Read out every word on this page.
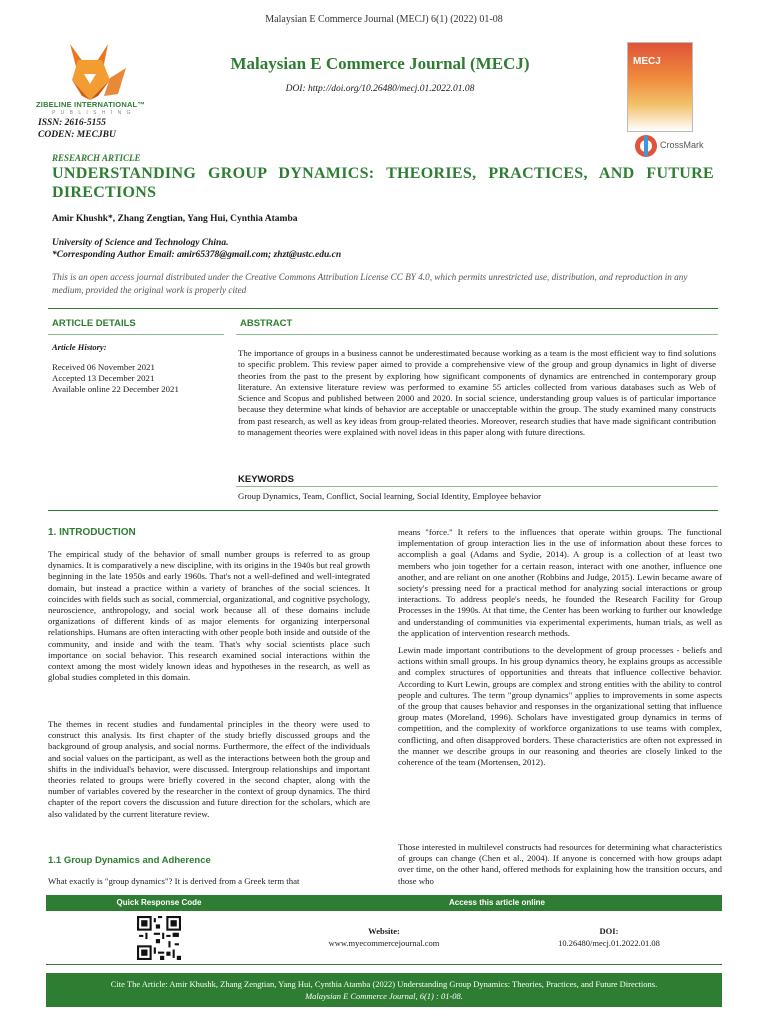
Malaysian E Commerce Journal (MECJ) 6(1) (2022) 01-08
ZIBELINE INTERNATIONAL™
P U B L I S H I N G
ISSN: 2616-5155
CODEN: MECJBU
Malaysian E Commerce Journal (MECJ)
DOI: http://doi.org/10.26480/mecj.01.2022.01.08
MECJ
CrossMark
RESEARCH ARTICLE
UNDERSTANDING GROUP DYNAMICS: THEORIES, PRACTICES, AND FUTURE DIRECTIONS
Amir Khushk*, Zhang Zengtian, Yang Hui, Cynthia Atamba
University of Science and Technology China.
*Corresponding Author Email: amir65378@gmail.com; zhzt@ustc.edu.cn
This is an open access journal distributed under the Creative Commons Attribution License CC BY 4.0, which permits unrestricted use, distribution, and reproduction in any medium, provided the original work is properly cited
ARTICLE DETAILS	ABSTRACT
Article History:
Received 06 November 2021
Accepted 13 December 2021
Available online 22 December 2021
The importance of groups in a business cannot be underestimated because working as a team is the most efficient way to find solutions to specific problem. This review paper aimed to provide a comprehensive view of the group and group dynamics in light of diverse theories from the past to the present by exploring how significant components of dynamics are entrenched in contemporary group literature. An extensive literature review was performed to examine 55 articles collected from various databases such as Web of Science and Scopus and published between 2000 and 2020. In social science, understanding group values is of particular importance because they determine what kinds of behavior are acceptable or unacceptable within the group. The study examined many constructs from past research, as well as key ideas from group-related theories. Moreover, research studies that have made significant contribution to management theories were explained with novel ideas in this paper along with future directions.
KEYWORDS
Group Dynamics, Team, Conflict, Social learning, Social Identity, Employee behavior
1. INTRODUCTION
The empirical study of the behavior of small number groups is referred to as group dynamics. It is comparatively a new discipline, with its origins in the 1940s but real growth beginning in the late 1950s and early 1960s. That's not a well-defined and well-integrated domain, but instead a practice within a variety of branches of the social sciences. It coincides with fields such as social, commercial, organizational, and cognitive psychology, neuroscience, anthropology, and social work because all of these domains include organizations of different kinds of as major elements for organizing interpersonal relationships. Humans are often interacting with other people both inside and outside of the community, and inside and with the team. That's why social scientists place such importance on social behavior. This research examined social interactions within the context among the most widely known ideas and hypotheses in the research, as well as global studies completed in this domain.
The themes in recent studies and fundamental principles in the theory were used to construct this analysis. Its first chapter of the study briefly discussed groups and the background of group analysis, and social norms. Furthermore, the effect of the individuals and social values on the participant, as well as the interactions between both the group and shifts in the individual's behavior, were discussed. Intergroup relationships and important theories related to groups were briefly covered in the second chapter, along with the number of variables covered by the researcher in the context of group dynamics. The third chapter of the report covers the discussion and future direction for the scholars, which are also validated by the current literature review.
1.1 Group Dynamics and Adherence
What exactly is "group dynamics"? It is derived from a Greek term that
means "force." It refers to the influences that operate within groups. The functional implementation of group interaction lies in the use of information about these forces to accomplish a goal (Adams and Sydie, 2014). A group is a collection of at least two members who join together for a certain reason, interact with one another, influence one another, and are reliant on one another (Robbins and Judge, 2015). Lewin became aware of society's pressing need for a practical method for analyzing social interactions or group interactions. To address people's needs, he founded the Research Facility for Group Processes in the 1990s. At that time, the Center has been working to further our knowledge and understanding of communities via experimental experiments, human trials, as well as the application of intervention research methods.
Lewin made important contributions to the development of group processes - beliefs and actions within small groups. In his group dynamics theory, he explains groups as accessible and complex structures of opportunities and threats that influence collective behavior. According to Kurt Lewin, groups are complex and strong entities with the ability to control people and cultures. The term "group dynamics" applies to improvements in some aspects of the group that causes behavior and responses in the organizational setting that influence group mates (Moreland, 1996). Scholars have investigated group dynamics in terms of competition, and the complexity of workforce organizations to use teams with complex, conflicting, and often disapproved borders. These characteristics are often not expressed in the manner we describe groups in our reasoning and theories are closely linked to the coherence of the team (Mortensen, 2012).
Those interested in multilevel constructs had resources for determining what characteristics of groups can change (Chen et al., 2004). If anyone is concerned with how groups adapt over time, on the other hand, offered methods for explaining how the transition occurs, and those who
Quick Response Code	Access this article online
Website:
www.myecommercejournal.com
DOI:
10.26480/mecj.01.2022.01.08
Cite The Article: Amir Khushk, Zhang Zengtian, Yang Hui, Cynthia Atamba (2022) Understanding Group Dynamics: Theories, Practices, and Future Directions.
Malaysian E Commerce Journal, 6(1) : 01-08.
